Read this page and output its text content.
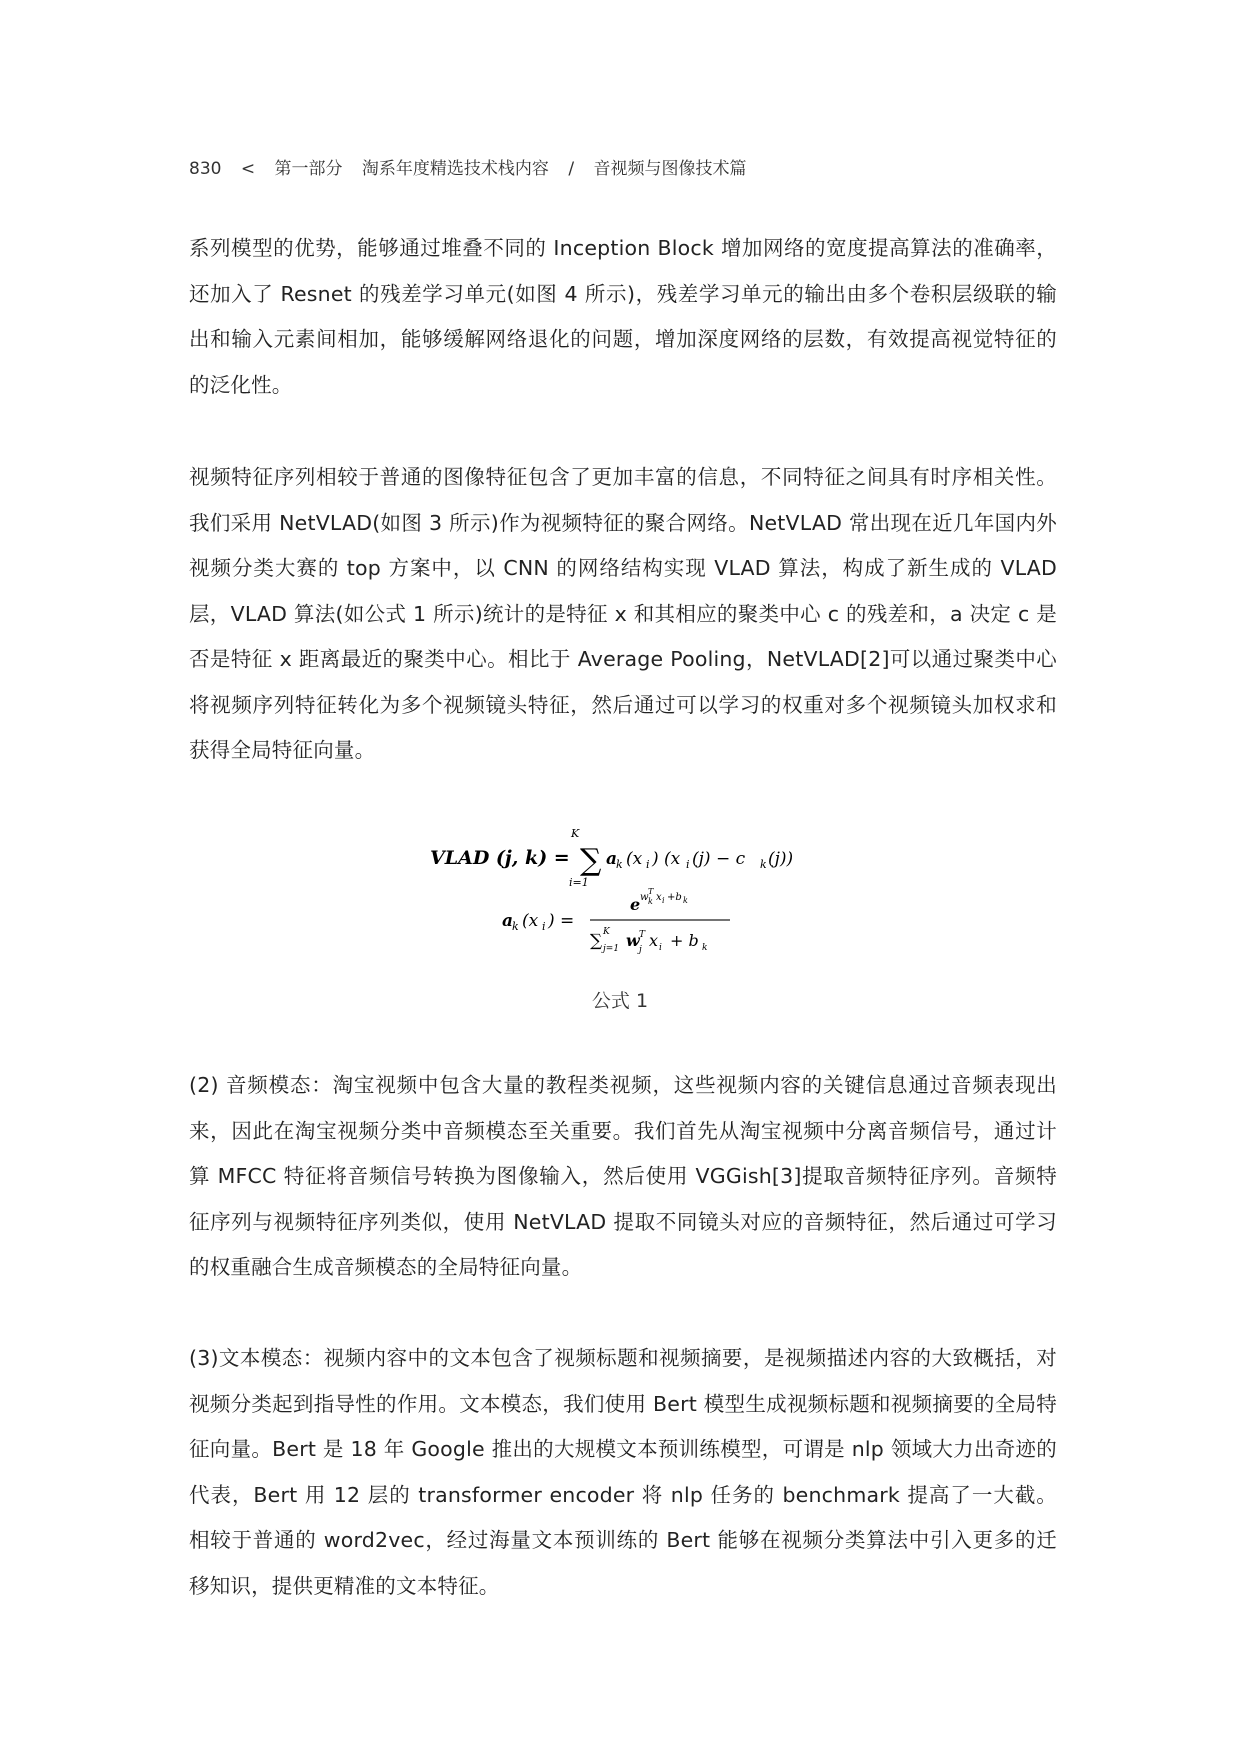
830 < 第一部分 淘系年度精选技术栈内容 / 音视频与图像技术篇

系列模型的优势，能够通过堆叠不同的 Inception Block 增加网络的宽度提高算法的准确率，还加入了 Resnet 的残差学习单元(如图 4 所示)，残差学习单元的输出由多个卷积层级联的输出和输入元素间相加，能够缓解网络退化的问题，增加深度网络的层数，有效提高视觉特征的的泛化性。

视频特征序列相较于普通的图像特征包含了更加丰富的信息，不同特征之间具有时序相关性。我们采用 NetVLAD(如图 3 所示)作为视频特征的聚合网络。NetVLAD 常出现在近几年国内外视频分类大赛的 top 方案中，以 CNN 的网络结构实现 VLAD 算法，构成了新生成的 VLAD 层，VLAD 算法(如公式 1 所示)统计的是特征 x 和其相应的聚类中心 c 的残差和，a 决定 c 是否是特征 x 距离最近的聚类中心。相比于 Average Pooling，NetVLAD[2]可以通过聚类中心将视频序列特征转化为多个视频镜头特征，然后通过可以学习的权重对多个视频镜头加权求和获得全局特征向量。

VLAD (j, k) =
K
∑
i=1
a
k (x i ) (x i (j) − c k (j))
a
k (x i ) =
e w
T
k x i +b k
∑ K
j=1 w T
j x i + b k
公式 1

(2) 音频模态：淘宝视频中包含大量的教程类视频，这些视频内容的关键信息通过音频表现出来，因此在淘宝视频分类中音频模态至关重要。我们首先从淘宝视频中分离音频信号，通过计算 MFCC 特征将音频信号转换为图像输入，然后使用 VGGish[3]提取音频特征序列。音频特征序列与视频特征序列类似，使用 NetVLAD 提取不同镜头对应的音频特征，然后通过可学习的权重融合生成音频模态的全局特征向量。

(3)文本模态：视频内容中的文本包含了视频标题和视频摘要，是视频描述内容的大致概括，对视频分类起到指导性的作用。文本模态，我们使用 Bert 模型生成视频标题和视频摘要的全局特征向量。Bert 是 18 年 Google 推出的大规模文本预训练模型，可谓是 nlp 领域大力出奇迹的代表，Bert 用 12 层的 transformer encoder 将 nlp 任务的 benchmark 提高了一大截。相较于普通的 word2vec，经过海量文本预训练的 Bert 能够在视频分类算法中引入更多的迁移知识，提供更精准的文本特征。
